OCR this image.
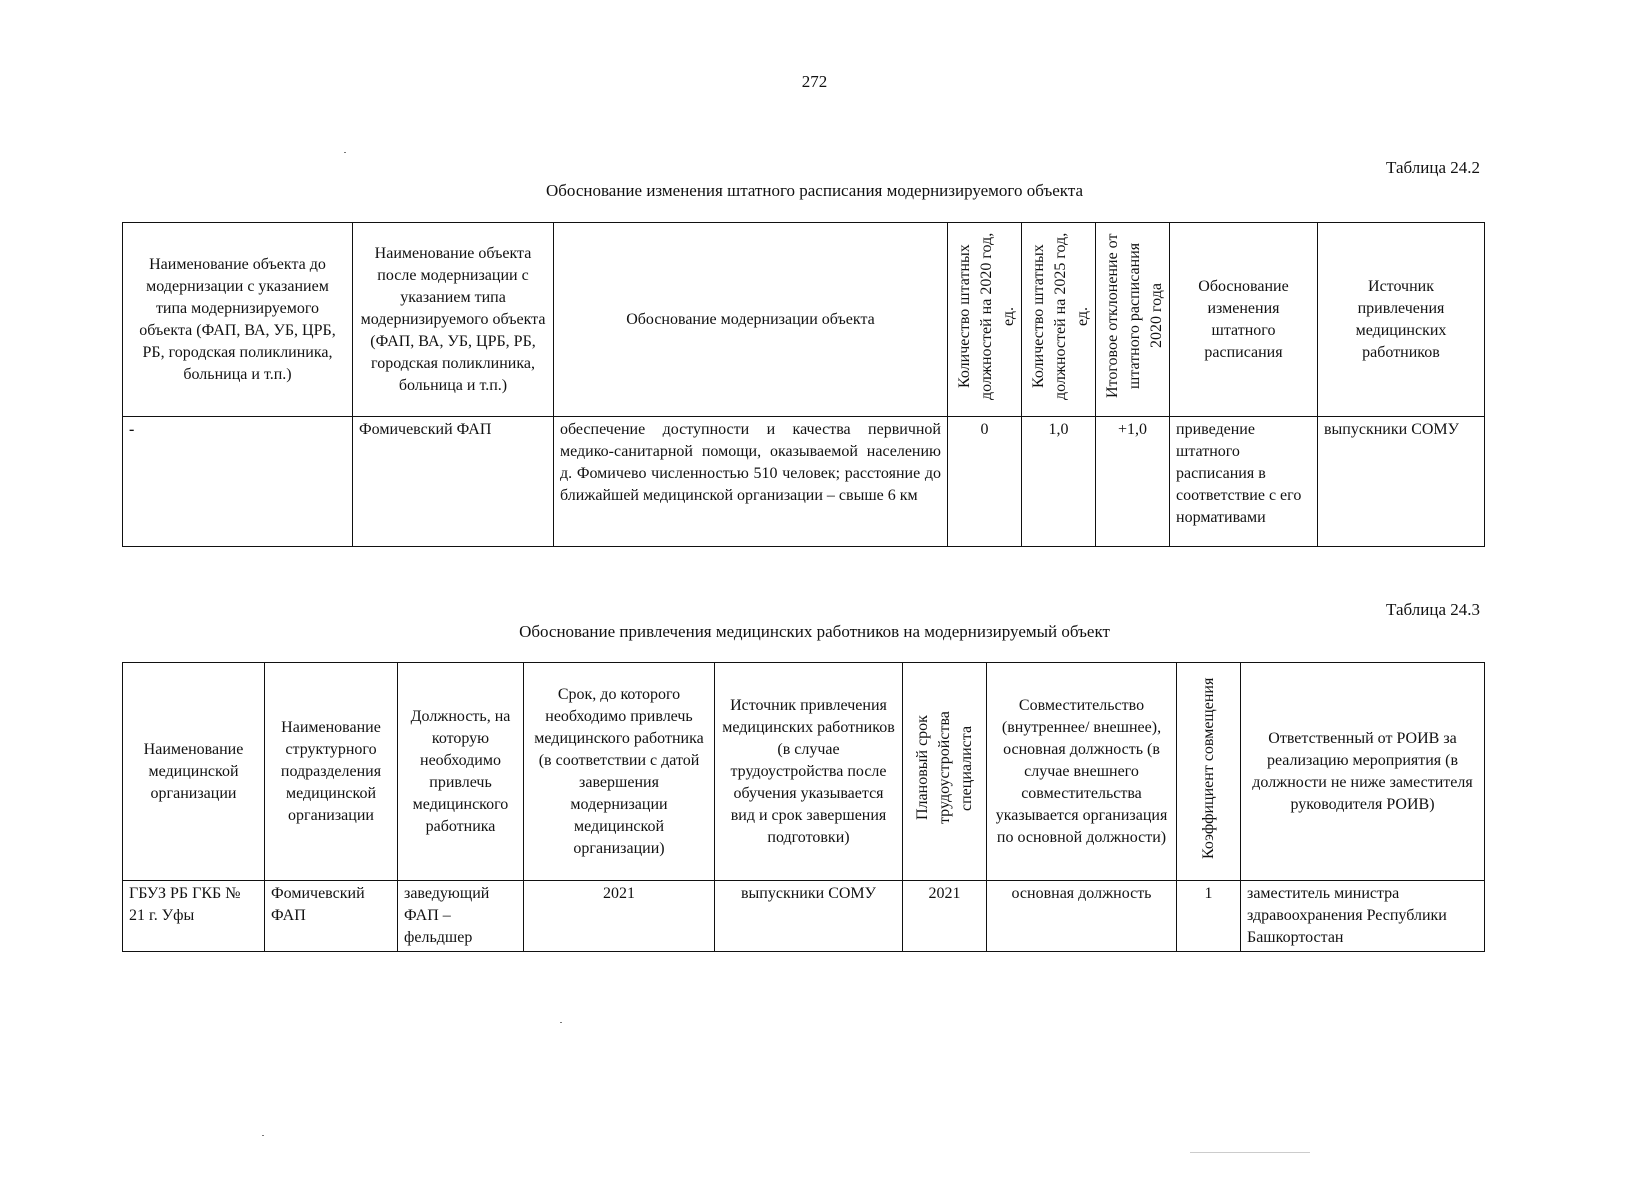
272
Таблица 24.2
Обоснование изменения штатного расписания модернизируемого объекта
Наименование объекта до модернизации с указанием типа модернизируемого объекта (ФАП, ВА, УБ, ЦРБ, РБ, городская поликлиника, больница и т.п.)	Наименование объекта после модернизации с указанием типа модернизируемого объекта (ФАП, ВА, УБ, ЦРБ, РБ, городская поликлиника, больница и т.п.)	Обоснование модернизации объекта	Количество штатных должностей на 2020 год, ед.	Количество штатных должностей на 2025 год, ед.	Итоговое отклонение от штатного расписания 2020 года	Обоснование изменения штатного расписания	Источник привлечения медицинских работников
-	Фомичевский ФАП	обеспечение доступности и качества первичной медико-санитарной помощи, оказываемой населению д. Фомичево численностью 510 человек; расстояние до ближайшей медицинской организации – свыше 6 км	0	1,0	+1,0	приведение штатного расписания в соответствие с его нормативами	выпускники СОМУ
Таблица 24.3
Обоснование привлечения медицинских работников на модернизируемый объект
Наименование медицинской организации	Наименование структурного подразделения медицинской организации	Должность, на которую необходимо привлечь медицинского работника	Срок, до которого необходимо привлечь медицинского работника (в соответствии с датой завершения модернизации медицинской организации)	Источник привлечения медицинских работников (в случае трудоустройства после обучения указывается вид и срок завершения подготовки)	Плановый срок трудоустройства специалиста	Совместительство (внутреннее/ внешнее), основная должность (в случае внешнего совместительства указывается организация по основной должности)	Коэффициент совмещения	Ответственный от РОИВ за реализацию мероприятия (в должности не ниже заместителя руководителя РОИВ)
ГБУЗ РБ ГКБ № 21 г. Уфы	Фомичевский ФАП	заведующий ФАП – фельдшер	2021	выпускники СОМУ	2021	основная должность	1	заместитель министра здравоохранения Республики Башкортостан
